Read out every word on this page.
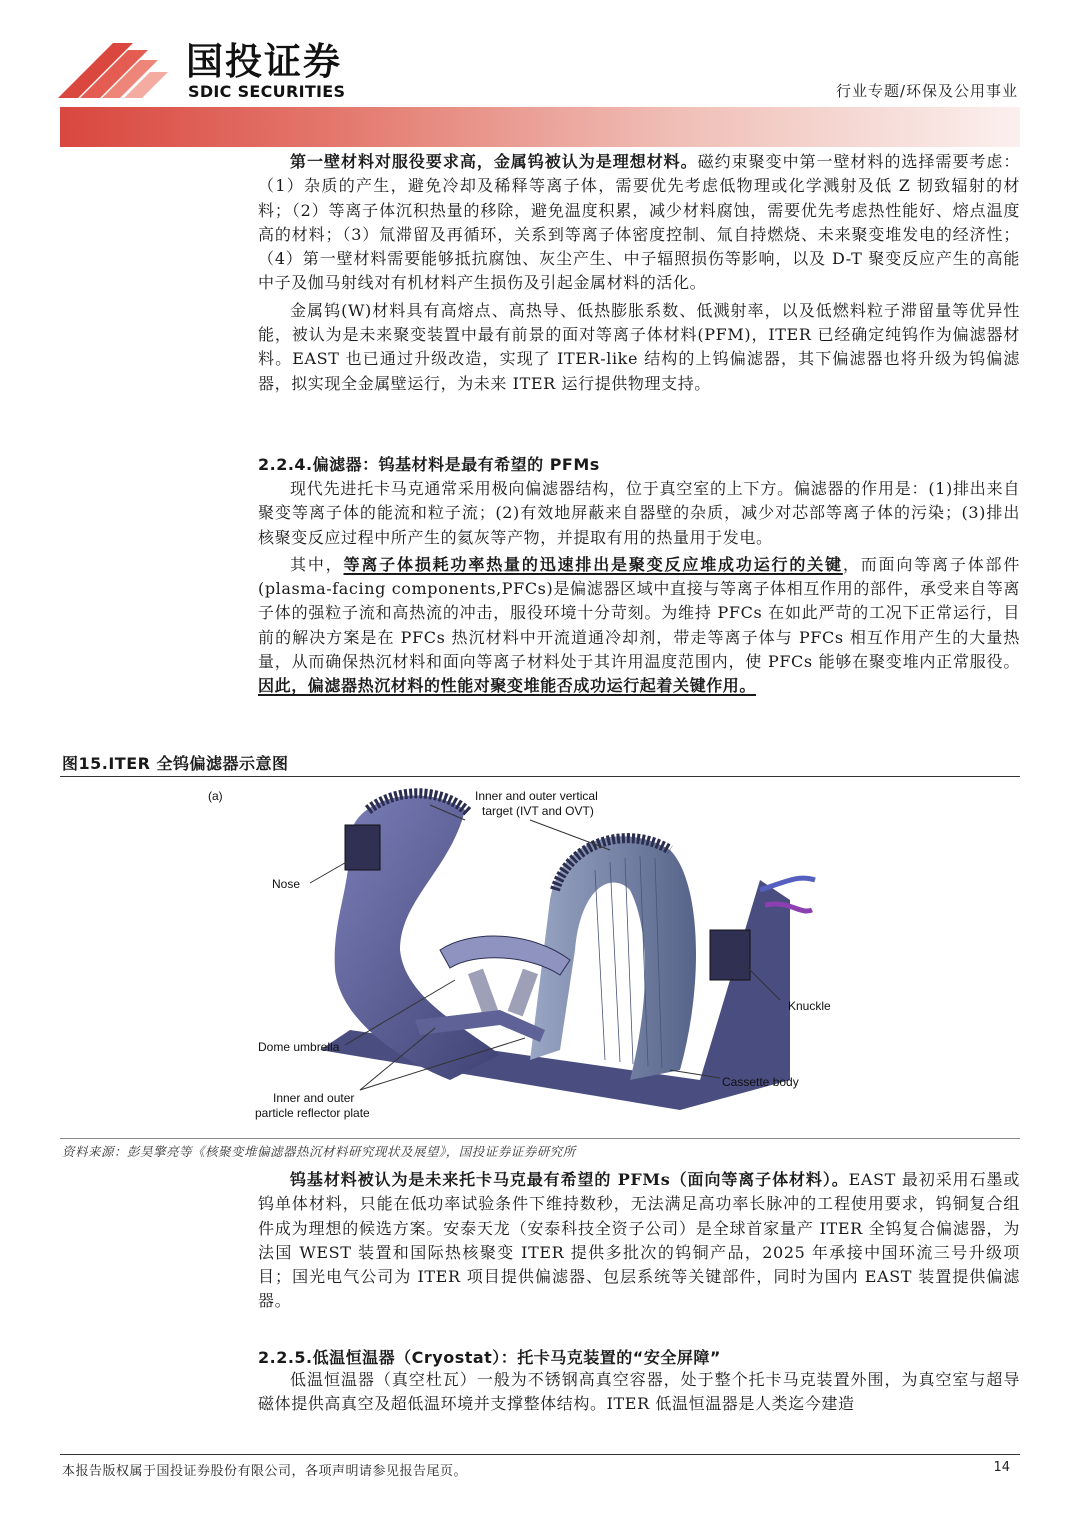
国投证券
SDIC SECURITIES	行业专题/环保及公用事业

第一壁材料对服役要求高，金属钨被认为是理想材料。磁约束聚变中第一壁材料的选择需要考虑：（1）杂质的产生，避免冷却及稀释等离子体，需要优先考虑低物理或化学溅射及低 Z 韧致辐射的材料；（2）等离子体沉积热量的移除，避免温度积累，减少材料腐蚀，需要优先考虑热性能好、熔点温度高的材料；（3）氚滞留及再循环，关系到等离子体密度控制、氚自持燃烧、未来聚变堆发电的经济性；（4）第一壁材料需要能够抵抗腐蚀、灰尘产生、中子辐照损伤等影响，以及 D-T 聚变反应产生的高能中子及伽马射线对有机材料产生损伤及引起金属材料的活化。

金属钨(W)材料具有高熔点、高热导、低热膨胀系数、低溅射率，以及低燃料粒子滞留量等优异性能，被认为是未来聚变装置中最有前景的面对等离子体材料(PFM)，ITER 已经确定纯钨作为偏滤器材料。EAST 也已通过升级改造，实现了 ITER-like 结构的上钨偏滤器，其下偏滤器也将升级为钨偏滤器，拟实现全金属壁运行，为未来 ITER 运行提供物理支持。

2.2.4.偏滤器：钨基材料是最有希望的 PFMs

现代先进托卡马克通常采用极向偏滤器结构，位于真空室的上下方。偏滤器的作用是：(1)排出来自聚变等离子体的能流和粒子流；(2)有效地屏蔽来自器壁的杂质，减少对芯部等离子体的污染；(3)排出核聚变反应过程中所产生的氦灰等产物，并提取有用的热量用于发电。

其中，等离子体损耗功率热量的迅速排出是聚变反应堆成功运行的关键，而面向等离子体部件(plasma-facing components,PFCs)是偏滤器区域中直接与等离子体相互作用的部件，承受来自等离子体的强粒子流和高热流的冲击，服役环境十分苛刻。为维持 PFCs 在如此严苛的工况下正常运行，目前的解决方案是在 PFCs 热沉材料中开流道通冷却剂，带走等离子体与 PFCs 相互作用产生的大量热量，从而确保热沉材料和面向等离子材料处于其许用温度范围内，使 PFCs 能够在聚变堆内正常服役。因此，偏滤器热沉材料的性能对聚变堆能否成功运行起着关键作用。

图15.ITER 全钨偏滤器示意图
(a)	Inner and outer vertical
target (IVT and OVT)
Nose
Knuckle
Dome umbrella
Cassette body
Inner and outer
particle reflector plate
资料来源：彭昊擎亮等《核聚变堆偏滤器热沉材料研究现状及展望》，国投证券证券研究所

钨基材料被认为是未来托卡马克最有希望的 PFMs（面向等离子体材料）。EAST 最初采用石墨或钨单体材料，只能在低功率试验条件下维持数秒，无法满足高功率长脉冲的工程使用要求，钨铜复合组件成为理想的候选方案。安泰天龙（安泰科技全资子公司）是全球首家量产 ITER 全钨复合偏滤器，为法国 WEST 装置和国际热核聚变 ITER 提供多批次的钨铜产品，2025 年承接中国环流三号升级项目；国光电气公司为 ITER 项目提供偏滤器、包层系统等关键部件，同时为国内 EAST 装置提供偏滤器。

2.2.5.低温恒温器（Cryostat）：托卡马克装置的“安全屏障”

低温恒温器（真空杜瓦）一般为不锈钢高真空容器，处于整个托卡马克装置外围，为真空室与超导磁体提供高真空及超低温环境并支撑整体结构。ITER 低温恒温器是人类迄今建造

本报告版权属于国投证券股份有限公司，各项声明请参见报告尾页。	14
